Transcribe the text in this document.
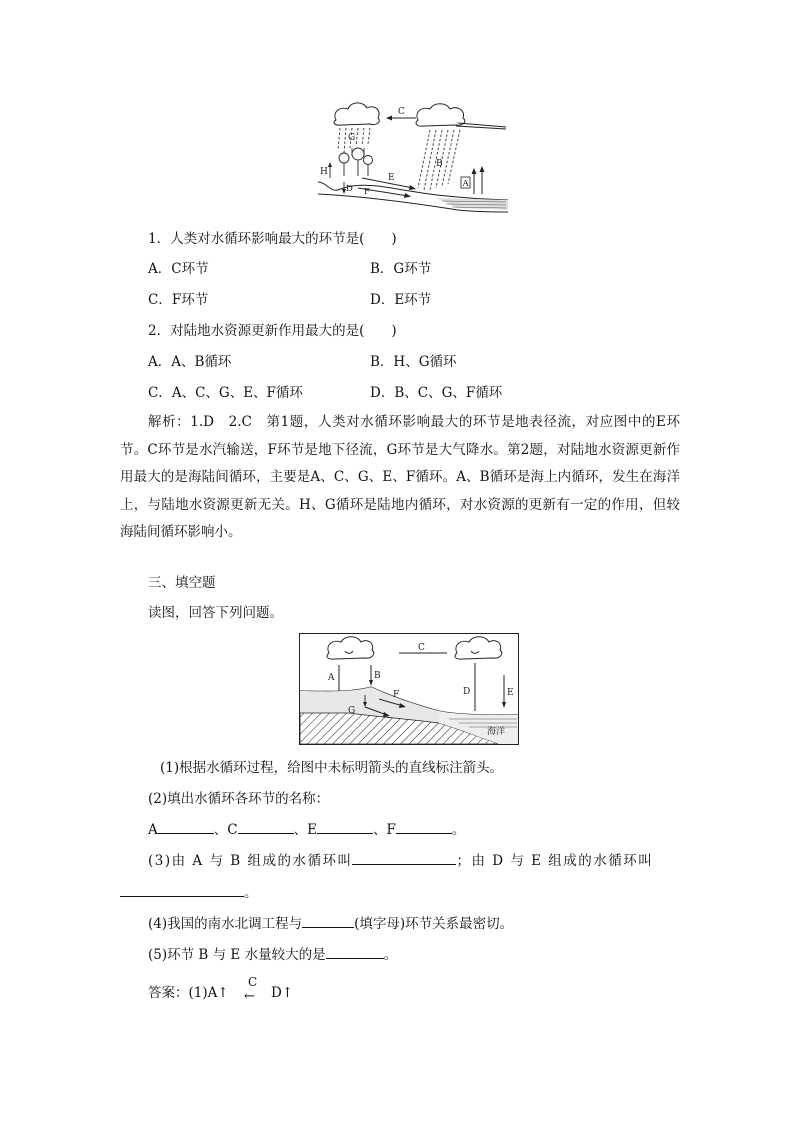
C
G
B
A
H
D
E
F
1．人类对水循环影响最大的环节是(　　)
A．C环节	B．G环节
C．F环节	D．E环节
2．对陆地水资源更新作用最大的是(　　)
A．A、B循环	B．H、G循环
C．A、C、G、E、F循环	D．B、C、G、F循环
解析：1.D　2.C　第1题，人类对水循环影响最大的环节是地表径流，对应图中的E环节。C环节是水汽输送，F环节是地下径流，G环节是大气降水。第2题，对陆地水资源更新作用最大的是海陆间循环，主要是A、C、G、E、F循环。A、B循环是海上内循环，发生在海洋上，与陆地水资源更新无关。H、G循环是陆地内循环，对水资源的更新有一定的作用，但较海陆间循环影响小。
三、填空题
读图，回答下列问题。
C
A	B
D	E
海洋
F
G
(1)根据水循环过程，给图中未标明箭头的直线标注箭头。
(2)填出水循环各环节的名称：
A	、C	、E	、F	。
(3)由 A 与 B 组成的水循环叫	；由 D 与 E 组成的水循环叫
。
(4)我国的南水北调工程与	(填字母)环节关系最密切。
(5)环节 B 与 E 水量较大的是	。
答案：(1)A↑
C
← D↑
